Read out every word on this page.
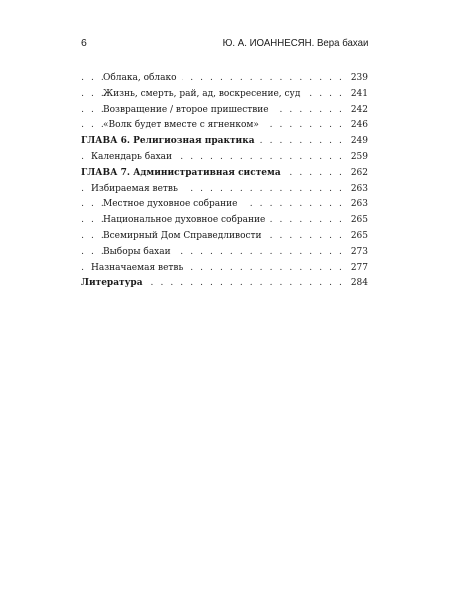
6	Ю. А. ИОАННЕСЯН. Вера бахаи
. . .
Облака, облако	239
. . .
Жизнь, смерть, рай, ад, воскресение, суд	241
. . .
Возвращение / второе пришествие	242
. . .
«Волк будет вместе с ягненком»	246
. . .
ГЛАВА 6. Религиозная практика	249
. . .
Календарь бахаи	259
. . .
ГЛАВА 7. Административная система	262
. . .
Избираемая ветвь	263
. . .
Местное духовное собрание	263
. . .
Национальное духовное собрание	265
. . .
Всемирный Дом Справедливости	265
. . .
Выборы бахаи	273
. . .
Назначаемая ветвь	277
. . .
Литература	284
